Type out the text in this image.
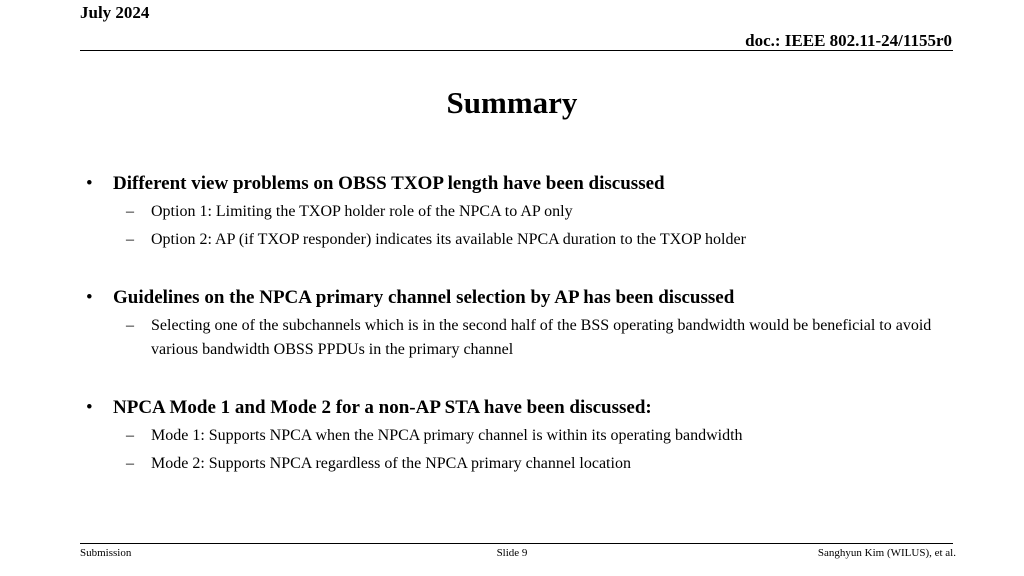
July 2024
doc.: IEEE 802.11-24/1155r0
Summary
• Different view problems on OBSS TXOP length have been discussed
– Option 1: Limiting the TXOP holder role of the NPCA to AP only
– Option 2: AP (if TXOP responder) indicates its available NPCA duration to the TXOP holder
• Guidelines on the NPCA primary channel selection by AP has been discussed
– Selecting one of the subchannels which is in the second half of the BSS operating bandwidth would be beneficial to avoid various bandwidth OBSS PPDUs in the primary channel
• NPCA Mode 1 and Mode 2 for a non-AP STA have been discussed:
– Mode 1: Supports NPCA when the NPCA primary channel is within its operating bandwidth
– Mode 2: Supports NPCA regardless of the NPCA primary channel location
Submission	Slide 9	Sanghyun Kim (WILUS), et al.
